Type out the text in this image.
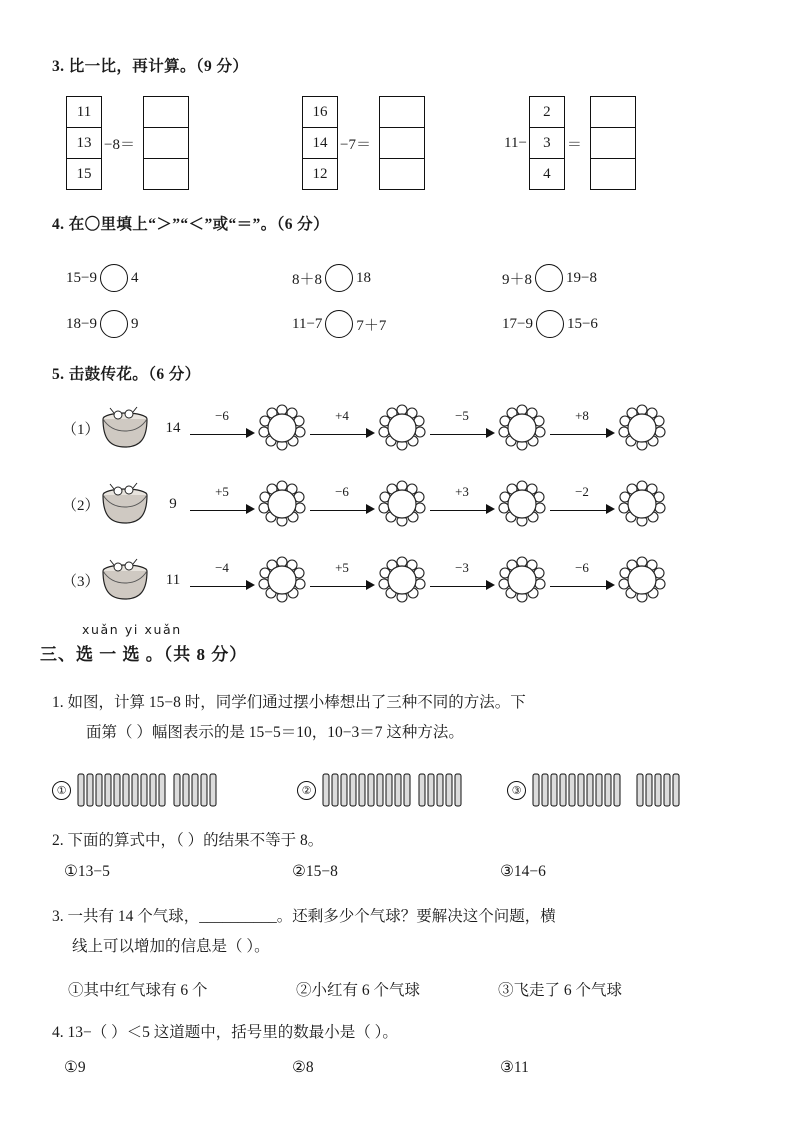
3. 比一比，再计算。（9 分）
11
13
15
−8＝
16
14
12
−7＝	11−
2
3
4
＝
4. 在〇里填上“＞”“＜”或“＝”。（6 分）
15−9 4	8＋8 18	9＋8 19−8
18−9 9	11−7 7＋7	17−9 15−6
5. 击鼓传花。（6 分）
（1）	14
−6	+4	−5	+8
（2）	9
+5	−6	+3	−2
（3）	11
−4	+5	−3	−6
xuǎn yi xuǎn
三、选 一 选 。（共 8 分）
1. 如图，计算 15−8 时，同学们通过摆小棒想出了三种不同的方法。下
面第（ ）幅图表示的是 15−5＝10，10−3＝7 这种方法。
①	②	③
2. 下面的算式中，（ ）的结果不等于 8。
①13−5	②15−8	③14−6
3. 一共有 14 个气球，__________。还剩多少个气球？要解决这个问题，横
线上可以增加的信息是（ ）。
①其中红气球有 6 个	②小红有 6 个气球	③飞走了 6 个气球
4. 13−（ ）＜5 这道题中，括号里的数最小是（ ）。
①9	②8	③11
